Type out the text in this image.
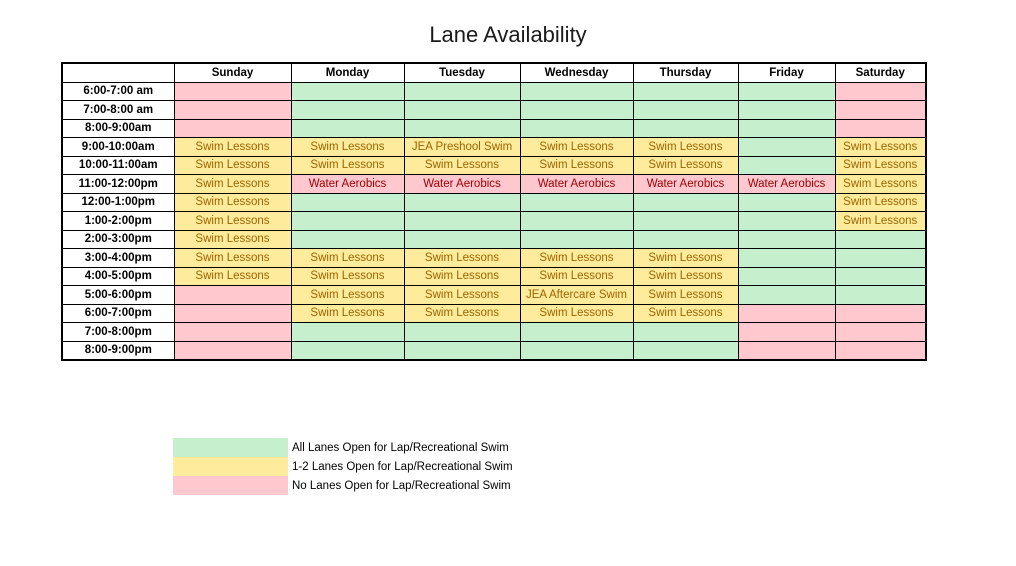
Lane Availability
	Sunday	Monday	Tuesday	Wednesday	Thursday	Friday	Saturday
6:00-7:00 am							
7:00-8:00 am							
8:00-9:00am							
9:00-10:00am	Swim Lessons	Swim Lessons	JEA Preshool Swim	Swim Lessons	Swim Lessons		Swim Lessons
10:00-11:00am	Swim Lessons	Swim Lessons	Swim Lessons	Swim Lessons	Swim Lessons		Swim Lessons
11:00-12:00pm	Swim Lessons	Water Aerobics	Water Aerobics	Water Aerobics	Water Aerobics	Water Aerobics	Swim Lessons
12:00-1:00pm	Swim Lessons						Swim Lessons
1:00-2:00pm	Swim Lessons						Swim Lessons
2:00-3:00pm	Swim Lessons						
3:00-4:00pm	Swim Lessons	Swim Lessons	Swim Lessons	Swim Lessons	Swim Lessons		
4:00-5:00pm	Swim Lessons	Swim Lessons	Swim Lessons	Swim Lessons	Swim Lessons		
5:00-6:00pm		Swim Lessons	Swim Lessons	JEA Aftercare Swim	Swim Lessons		
6:00-7:00pm		Swim Lessons	Swim Lessons	Swim Lessons	Swim Lessons		
7:00-8:00pm							
8:00-9:00pm							
All Lanes Open for Lap/Recreational Swim
1-2 Lanes Open for Lap/Recreational Swim
No Lanes Open for Lap/Recreational Swim
